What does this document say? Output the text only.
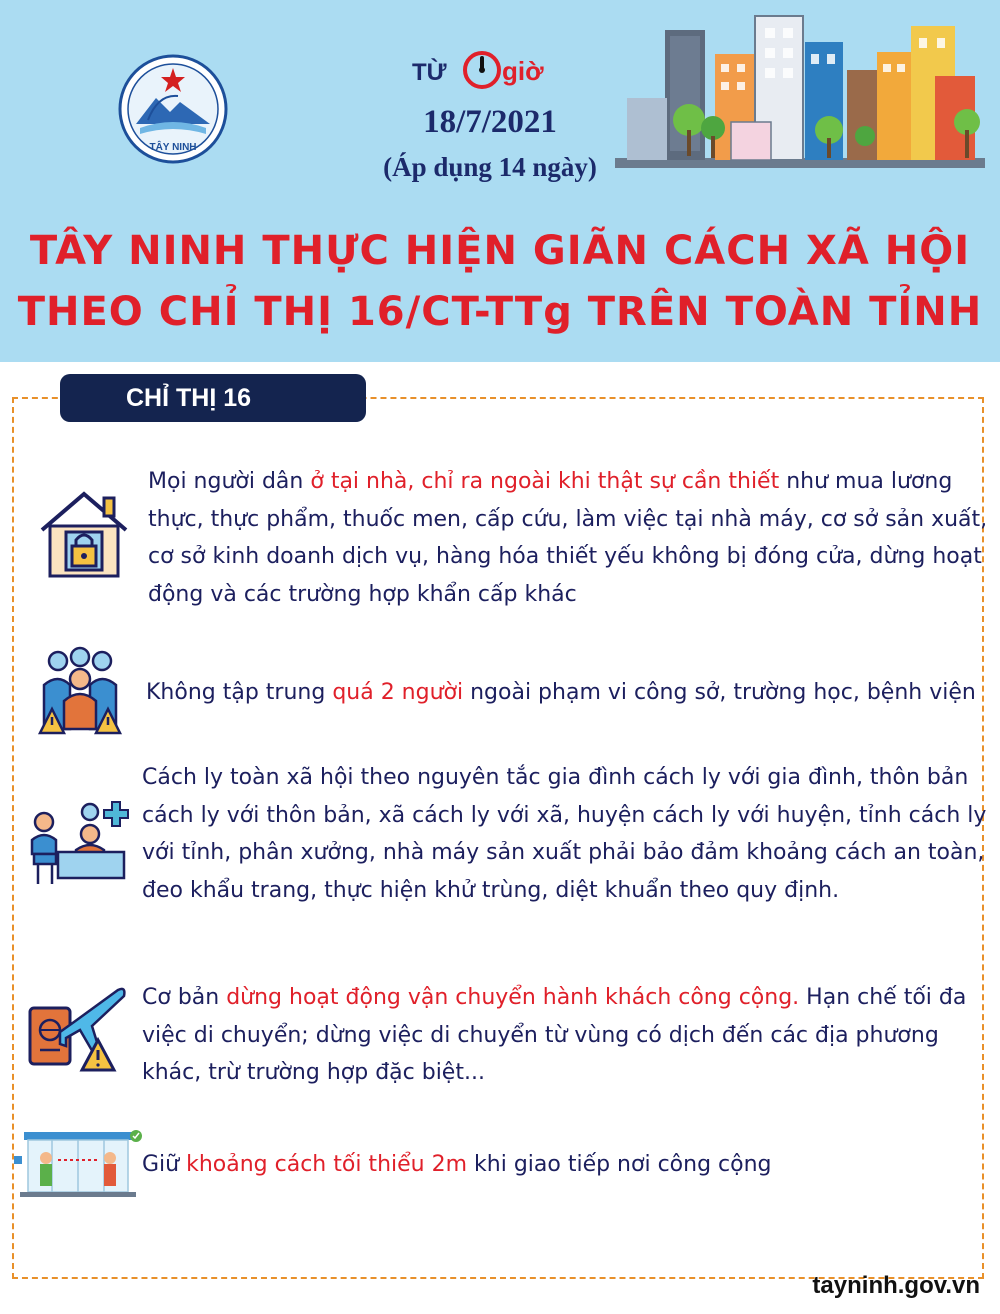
TÂY NINH
TỪ giờ
18/7/2021
(Áp dụng 14 ngày)
TÂY NINH THỰC HIỆN GIÃN CÁCH XÃ HỘI
THEO CHỈ THỊ 16/CT-TTg TRÊN TOÀN TỈNH
CHỈ THỊ 16
Mọi người dân ở tại nhà, chỉ ra ngoài khi thật sự cần thiết như mua lương
thực, thực phẩm, thuốc men, cấp cứu, làm việc tại nhà máy, cơ sở sản xuất,
cơ sở kinh doanh dịch vụ, hàng hóa thiết yếu không bị đóng cửa, dừng hoạt
động và các trường hợp khẩn cấp khác
Không tập trung quá 2 người ngoài phạm vi công sở, trường học, bệnh viện
Cách ly toàn xã hội theo nguyên tắc gia đình cách ly với gia đình, thôn bản
cách ly với thôn bản, xã cách ly với xã, huyện cách ly với huyện, tỉnh cách ly
với tỉnh, phân xưởng, nhà máy sản xuất phải bảo đảm khoảng cách an toàn,
đeo khẩu trang, thực hiện khử trùng, diệt khuẩn theo quy định.
Cơ bản dừng hoạt động vận chuyển hành khách công cộng. Hạn chế tối đa
việc di chuyển; dừng việc di chuyển từ vùng có dịch đến các địa phương
khác, trừ trường hợp đặc biệt...
Giữ khoảng cách tối thiểu 2m khi giao tiếp nơi công cộng
tayninh.gov.vn
